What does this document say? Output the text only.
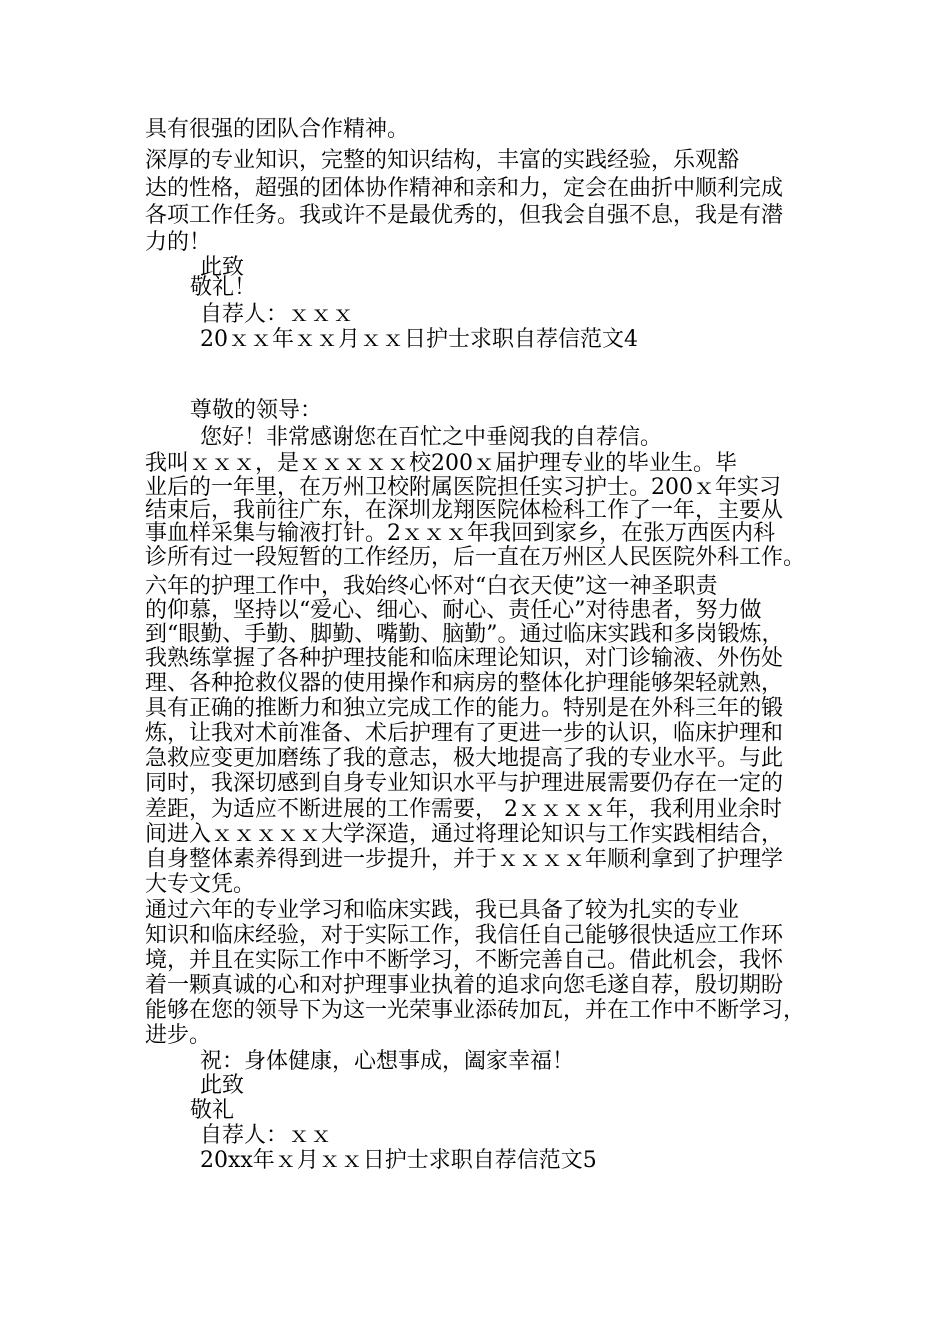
具有很强的团队合作精神。
深厚的专业知识，完整的知识结构，丰富的实践经验，乐观豁
达的性格，超强的团体协作精神和亲和力，定会在曲折中顺利完成
各项工作任务。我或许不是最优秀的，但我会自强不息，我是有潜
力的！
此致
敬礼！
自荐人：ｘｘｘ
20ｘｘ年ｘｘ月ｘｘ日护士求职自荐信范文4
尊敬的领导：
您好！非常感谢您在百忙之中垂阅我的自荐信。
我叫ｘｘｘ，是ｘｘｘｘｘ校200ｘ届护理专业的毕业生。毕
业后的一年里，在万州卫校附属医院担任实习护士。200ｘ年实习
结束后，我前往广东，在深圳龙翔医院体检科工作了一年，主要从
事血样采集与输液打针。2ｘｘｘ年我回到家乡，在张万西医内科
诊所有过一段短暂的工作经历，后一直在万州区人民医院外科工作。
六年的护理工作中，我始终心怀对“白衣天使”这一神圣职责
的仰慕，坚持以“爱心、细心、耐心、责任心”对待患者，努力做
到“眼勤、手勤、脚勤、嘴勤、脑勤”。通过临床实践和多岗锻炼，
我熟练掌握了各种护理技能和临床理论知识，对门诊输液、外伤处
理、各种抢救仪器的使用操作和病房的整体化护理能够架轻就熟，
具有正确的推断力和独立完成工作的能力。特别是在外科三年的锻
炼，让我对术前准备、术后护理有了更进一步的认识，临床护理和
急救应变更加磨练了我的意志，极大地提高了我的专业水平。与此
同时，我深切感到自身专业知识水平与护理进展需要仍存在一定的
差距，为适应不断进展的工作需要， 2ｘｘｘｘ年，我利用业余时
间进入ｘｘｘｘｘ大学深造，通过将理论知识与工作实践相结合，
自身整体素养得到进一步提升，并于ｘｘｘｘ年顺利拿到了护理学
大专文凭。
通过六年的专业学习和临床实践，我已具备了较为扎实的专业
知识和临床经验，对于实际工作，我信任自己能够很快适应工作环
境，并且在实际工作中不断学习，不断完善自己。借此机会，我怀
着一颗真诚的心和对护理事业执着的追求向您毛遂自荐，殷切期盼
能够在您的领导下为这一光荣事业添砖加瓦，并在工作中不断学习，
进步。
祝：身体健康，心想事成，阖家幸福！
此致
敬礼
自荐人：ｘｘ
20xx年ｘ月ｘｘ日护士求职自荐信范文5
